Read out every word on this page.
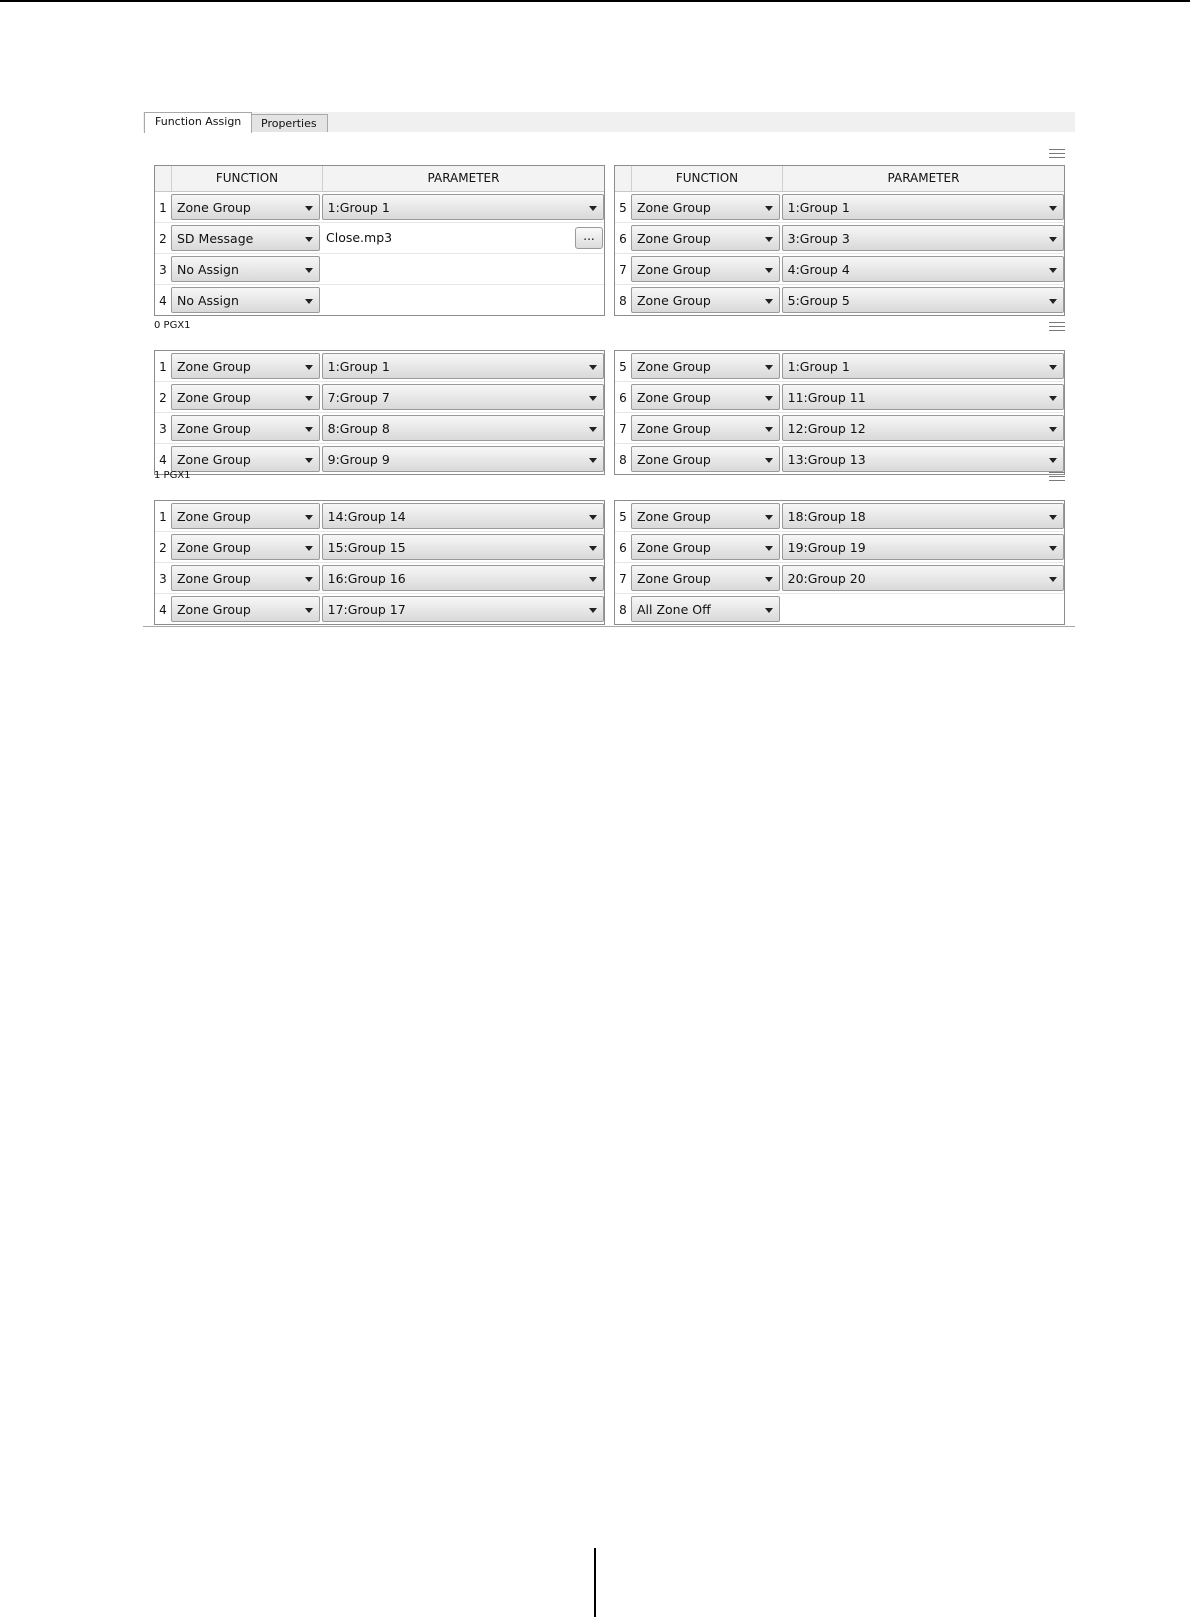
Function Assign	Properties
FUNCTION	PARAMETER
1 Zone Group	1:Group 1
2 SD Message	Close.mp3	...
3 No Assign
4 No Assign
FUNCTION	PARAMETER
5 Zone Group	1:Group 1
6 Zone Group	3:Group 3
7 Zone Group	4:Group 4
8 Zone Group	5:Group 5
0 PGX1
1 Zone Group	1:Group 1
2 Zone Group	7:Group 7
3 Zone Group	8:Group 8
4 Zone Group	9:Group 9
5 Zone Group	1:Group 1
6 Zone Group	11:Group 11
7 Zone Group	12:Group 12
8 Zone Group	13:Group 13
1 PGX1
1 Zone Group	14:Group 14
2 Zone Group	15:Group 15
3 Zone Group	16:Group 16
4 Zone Group	17:Group 17
5 Zone Group	18:Group 18
6 Zone Group	19:Group 19
7 Zone Group	20:Group 20
8 All Zone Off
